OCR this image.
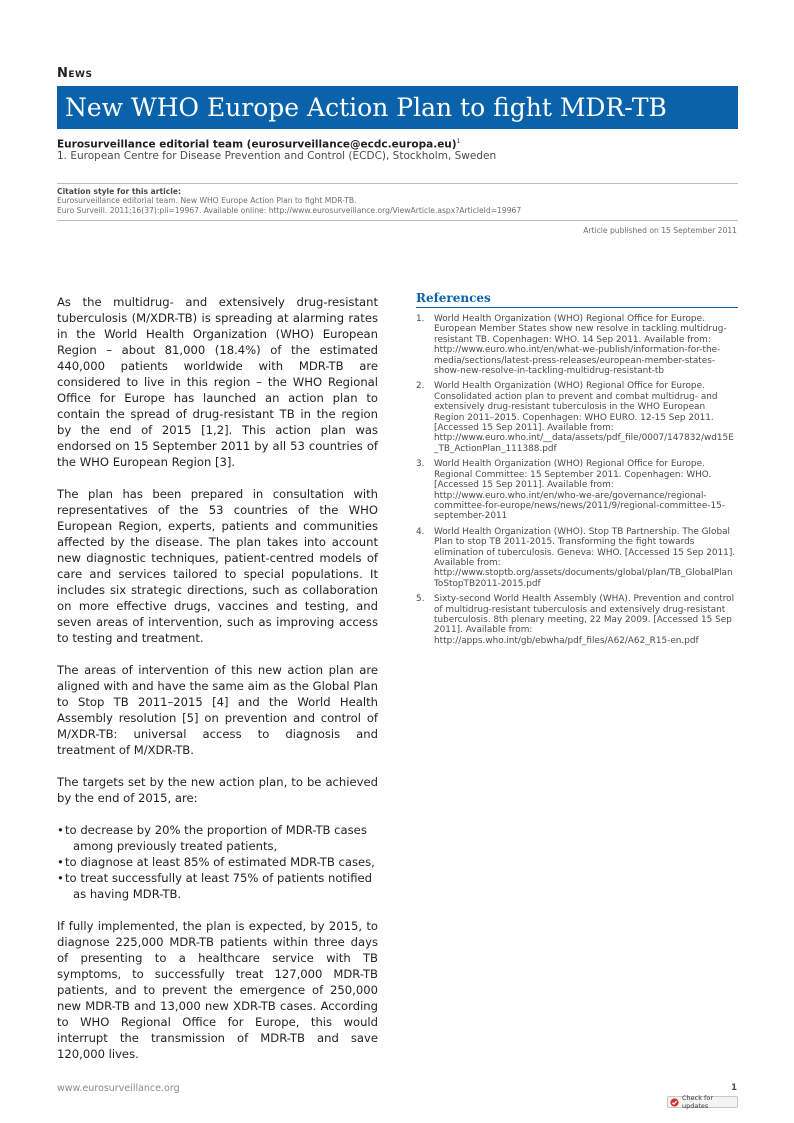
News
New WHO Europe Action Plan to fight MDR-TB
Eurosurveillance editorial team (eurosurveillance@ecdc.europa.eu)$^1$
1. European Centre for Disease Prevention and Control (ECDC), Stockholm, Sweden
Citation style for this article:
Eurosurveillance editorial team. New WHO Europe Action Plan to fight MDR-TB.
Euro Surveill. 2011;16(37):pii=19967. Available online: http://www.eurosurveillance.org/ViewArticle.aspx?ArticleId=19967
Article published on 15 September 2011

As the multidrug- and extensively drug-resistant tuberculosis (M/XDR-TB) is spreading at alarming rates in the World Health Organization (WHO) European Region – about 81,000 (18.4%) of the estimated 440,000 patients worldwide with MDR-TB are considered to live in this region – the WHO Regional Office for Europe has launched an action plan to contain the spread of drug-resistant TB in the region by the end of 2015 [1,2]. This action plan was endorsed on 15 September 2011 by all 53 countries of the WHO European Region [3].

The plan has been prepared in consultation with representatives of the 53 countries of the WHO European Region, experts, patients and communities affected by the disease. The plan takes into account new diagnostic techniques, patient-centred models of care and services tailored to special populations. It includes six strategic directions, such as collaboration on more effective drugs, vaccines and testing, and seven areas of intervention, such as improving access to testing and treatment.

The areas of intervention of this new action plan are aligned with and have the same aim as the Global Plan to Stop TB 2011–2015 [4] and the World Health Assembly resolution [5] on prevention and control of M/XDR-TB: universal access to diagnosis and treatment of M/XDR-TB.

The targets set by the new action plan, to be achieved by the end of 2015, are:

• to decrease by 20% the proportion of MDR-TB cases among previously treated patients,
• to diagnose at least 85% of estimated MDR-TB cases,
• to treat successfully at least 75% of patients notified as having MDR-TB.

If fully implemented, the plan is expected, by 2015, to diagnose 225,000 MDR-TB patients within three days of presenting to a healthcare service with TB symptoms, to successfully treat 127,000 MDR-TB patients, and to prevent the emergence of 250,000 new MDR-TB and 13,000 new XDR-TB cases. According to WHO Regional Office for Europe, this would interrupt the transmission of MDR-TB and save 120,000 lives.

References
1. World Health Organization (WHO) Regional Office for Europe. European Member States show new resolve in tackling multidrug-resistant TB. Copenhagen: WHO. 14 Sep 2011. Available from: http://www.euro.who.int/en/what-we-publish/information-for-the-media/sections/latest-press-releases/european-member-states-show-new-resolve-in-tackling-multidrug-resistant-tb
2. World Health Organization (WHO) Regional Office for Europe. Consolidated action plan to prevent and combat multidrug- and extensively drug-resistant tuberculosis in the WHO European Region 2011–2015. Copenhagen: WHO EURO. 12-15 Sep 2011. [Accessed 15 Sep 2011]. Available from: http://www.euro.who.int/__data/assets/pdf_file/0007/147832/wd15E_TB_ActionPlan_111388.pdf
3. World Health Organization (WHO) Regional Office for Europe. Regional Committee: 15 September 2011. Copenhagen: WHO. [Accessed 15 Sep 2011]. Available from: http://www.euro.who.int/en/who-we-are/governance/regional-committee-for-europe/news/news/2011/9/regional-committee-15-september-2011
4. World Health Organization (WHO). Stop TB Partnership. The Global Plan to stop TB 2011-2015. Transforming the fight towards elimination of tuberculosis. Geneva: WHO. [Accessed 15 Sep 2011]. Available from: http://www.stoptb.org/assets/documents/global/plan/TB_GlobalPlanToStopTB2011-2015.pdf
5. Sixty-second World Health Assembly (WHA). Prevention and control of multidrug-resistant tuberculosis and extensively drug-resistant tuberculosis. 8th plenary meeting, 22 May 2009. [Accessed 15 Sep 2011]. Available from: http://apps.who.int/gb/ebwha/pdf_files/A62/A62_R15-en.pdf
www.eurosurveillance.org	1
Check for updates
